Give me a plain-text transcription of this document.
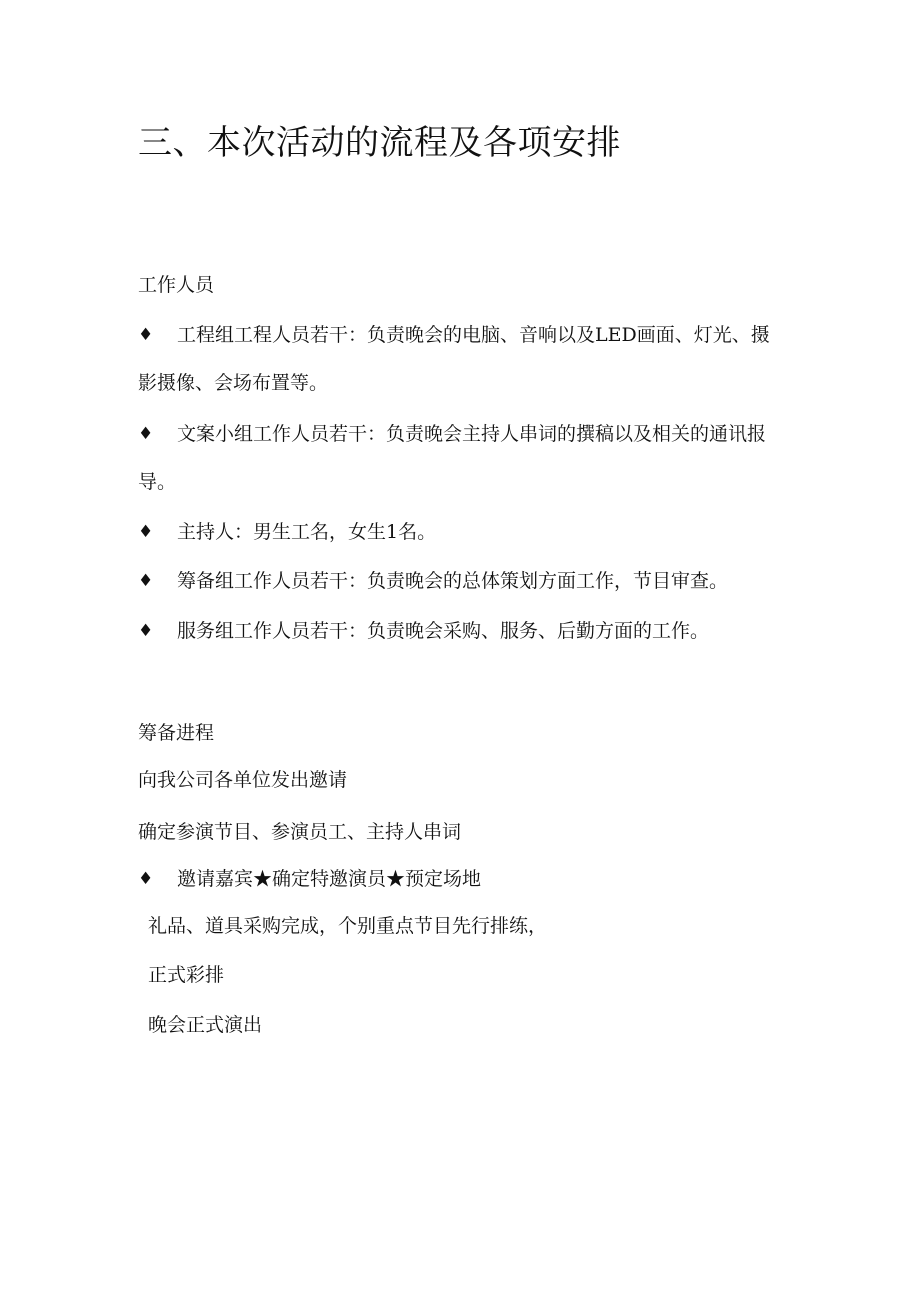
三、本次活动的流程及各项安排
工作人员
♦	工程组工程人员若干：负责晚会的电脑、音响以及LED画面、灯光、摄影摄像、会场布置等。
♦	文案小组工作人员若干：负责晚会主持人串词的撰稿以及相关的通讯报导。
♦ 主持人：男生工名，女生1名。
♦ 筹备组工作人员若干：负责晚会的总体策划方面工作，节目审查。
♦ 服务组工作人员若干：负责晚会采购、服务、后勤方面的工作。
筹备进程
向我公司各单位发出邀请
确定参演节目、参演员工、主持人串词
♦ 邀请嘉宾★确定特邀演员★预定场地
礼品、道具采购完成，个别重点节目先行排练，
正式彩排
晚会正式演出
